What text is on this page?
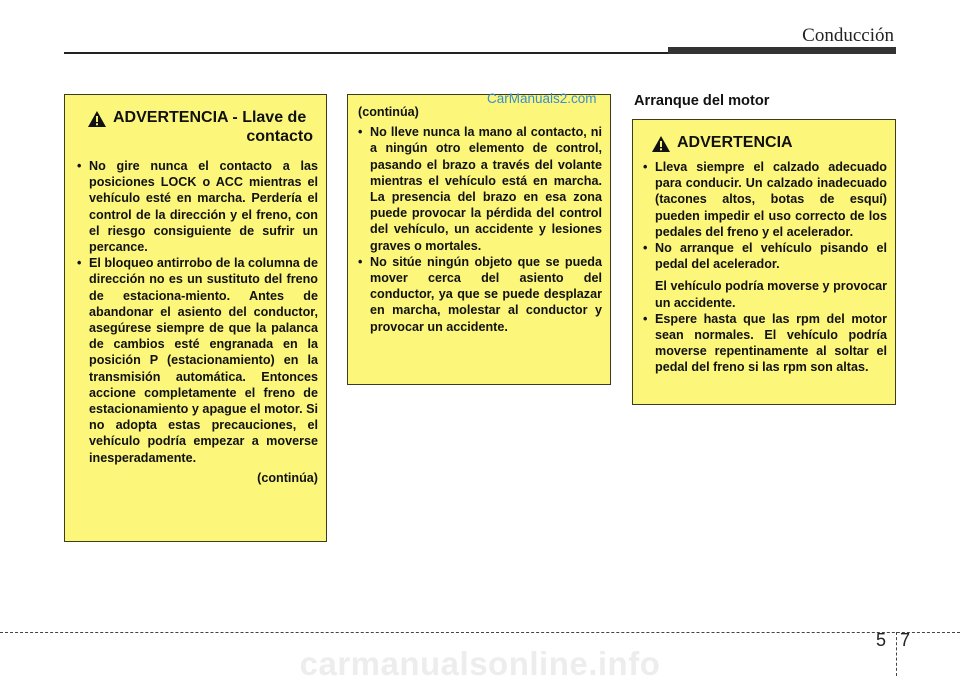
Conducción
ADVERTENCIA - Llave de
contacto
• No gire nunca el contacto a las posiciones LOCK o ACC mientras el vehículo esté en marcha. Perdería el control de la dirección y el freno, con el riesgo consiguiente de sufrir un percance.
• El bloqueo antirrobo de la columna de dirección no es un sustituto del freno de estaciona-miento. Antes de abandonar el asiento del conductor, asegúrese siempre de que la palanca de cambios esté engranada en la posición P (estacionamiento) en la transmisión automática. Entonces accione completamente el freno de estacionamiento y apague el motor. Si no adopta estas precauciones, el vehículo podría empezar a moverse inesperadamente.

(continúa)

(continúa)

• No lleve nunca la mano al contacto, ni a ningún otro elemento de control, pasando el brazo a través del volante mientras el vehículo está en marcha. La presencia del brazo en esa zona puede provocar la pérdida del control del vehículo, un accidente y lesiones graves o mortales.
• No sitúe ningún objeto que se pueda mover cerca del asiento del conductor, ya que se puede desplazar en marcha, molestar al conductor y provocar un accidente.
CarManuals2.com	Arranque del motor
ADVERTENCIA
• Lleva siempre el calzado adecuado para conducir. Un calzado inadecuado (tacones altos, botas de esquí) pueden impedir el uso correcto de los pedales del freno y el acelerador.

• No arranque el vehículo pisando el pedal del acelerador.

El vehículo podría moverse y provocar un accidente.

• Espere hasta que las rpm del motor sean normales. El vehículo podría moverse repentinamente al soltar el pedal del freno si las rpm son altas.
5 7
carmanualsonline.info
